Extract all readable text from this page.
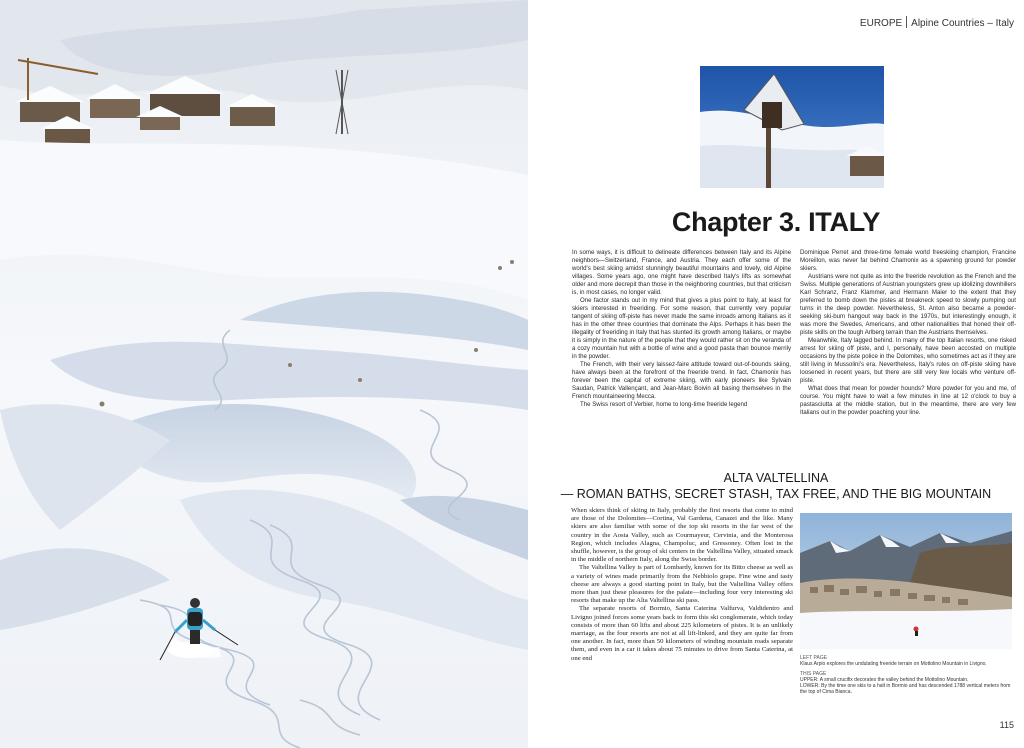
EUROPE Alpine Countries – Italy
Chapter 3. ITALY

In some ways, it is difficult to delineate differences between Italy and its Alpine neighbors—Switzerland, France, and Austria. They each offer some of the world's best skiing amidst stunningly beautiful mountains and lovely, old Alpine villages. Some years ago, one might have described Italy's lifts as somewhat older and more decrepit than those in the neighboring countries, but that criticism is, in most cases, no longer valid.

One factor stands out in my mind that gives a plus point to Italy, at least for skiers interested in freeriding. For some reason, that currently very popular tangent of skiing off-piste has never made the same inroads among Italians as it has in the other three countries that dominate the Alps. Perhaps it has been the illegality of freeriding in Italy that has stunted its growth among Italians, or maybe it is simply in the nature of the people that they would rather sit on the veranda of a cozy mountain hut with a bottle of wine and a good pasta than bounce merrily in the powder.

The French, with their very laissez-faire attitude toward out-of-bounds skiing, have always been at the forefront of the freeride trend. In fact, Chamonix has forever been the capital of extreme skiing, with early pioneers like Sylvain Saudan, Patrick Vallençant, and Jean-Marc Boivin all basing themselves in the French mountaineering Mecca.

The Swiss resort of Verbier, home to long-time freeride legend

Dominique Perret and three-time female world freeskiing champion, Francine Moreillon, was never far behind Chamonix as a spawning ground for powder skiers.

Austrians were not quite as into the freeride revolution as the French and the Swiss. Multiple generations of Austrian youngsters grew up idolizing downhillers Karl Schranz, Franz Klammer, and Hermann Maier to the extent that they preferred to bomb down the pistes at breakneck speed to slowly pumping out turns in the deep powder. Nevertheless, St. Anton also became a powder-seeking ski-bum hangout way back in the 1970s, but interestingly enough, it was more the Swedes, Americans, and other nationalities that honed their off-piste skills on the tough Arlberg terrain than the Austrians themselves.

Meanwhile, Italy lagged behind. In many of the top Italian resorts, one risked arrest for skiing off piste, and I, personally, have been accosted on multiple occasions by the piste police in the Dolomites, who sometimes act as if they are still living in Mussolini's era. Nevertheless, Italy's rules on off-piste skiing have loosened in recent years, but there are still very few locals who venture off-piste.

What does that mean for powder hounds? More powder for you and me, of course. You might have to wait a few minutes in line at 12 o'clock to buy a pastasciutta at the middle station, but in the meantime, there are very few Italians out in the powder poaching your line.

ALTA VALTELLINA
— ROMAN BATHS, SECRET STASH, TAX FREE, AND THE BIG MOUNTAIN

When skiers think of skiing in Italy, probably the first resorts that come to mind are those of the Dolomites—Cortina, Val Gardena, Canazei and the like. Many skiers are also familiar with some of the top ski resorts in the far west of the country in the Aosta Valley, such as Courmayeur, Cervinia, and the Monterosa Region, which includes Alagna, Champoluc, and Gressoney. Often lost in the shuffle, however, is the group of ski centers in the Valtellina Valley, situated smack in the middle of northern Italy, along the Swiss border.

The Valtellina Valley is part of Lombardy, known for its Bitto cheese as well as a variety of wines made primarily from the Nebbiolo grape. Fine wine and tasty cheese are always a good starting point in Italy, but the Valtellina Valley offers more than just these pleasures for the palate—including four very interesting ski resorts that make up the Alta Valtellina ski pass.

The separate resorts of Bormio, Santa Caterina Valfurva, Valdidentro and Livigno joined forces some years back to form this ski conglomerate, which today consists of more than 60 lifts and about 225 kilometers of pistes. It is an unlikely marriage, as the four resorts are not at all lift-linked, and they are quite far from one another. In fact, more than 50 kilometers of winding mountain roads separate them, and even in a car it takes about 75 minutes to drive from Santa Caterina, at one end	LEFT PAGE
Klaus Arpio explores the undulating freeride terrain on Mottolino Mountain in Livigno.
THIS PAGE
UPPER: A small crucifix decorates the valley behind the Mottolino Mountain.
LOWER: By the time one skis to a halt in Bormio and has descended 1788 vertical meters from the top of Cima Bianca.
115
